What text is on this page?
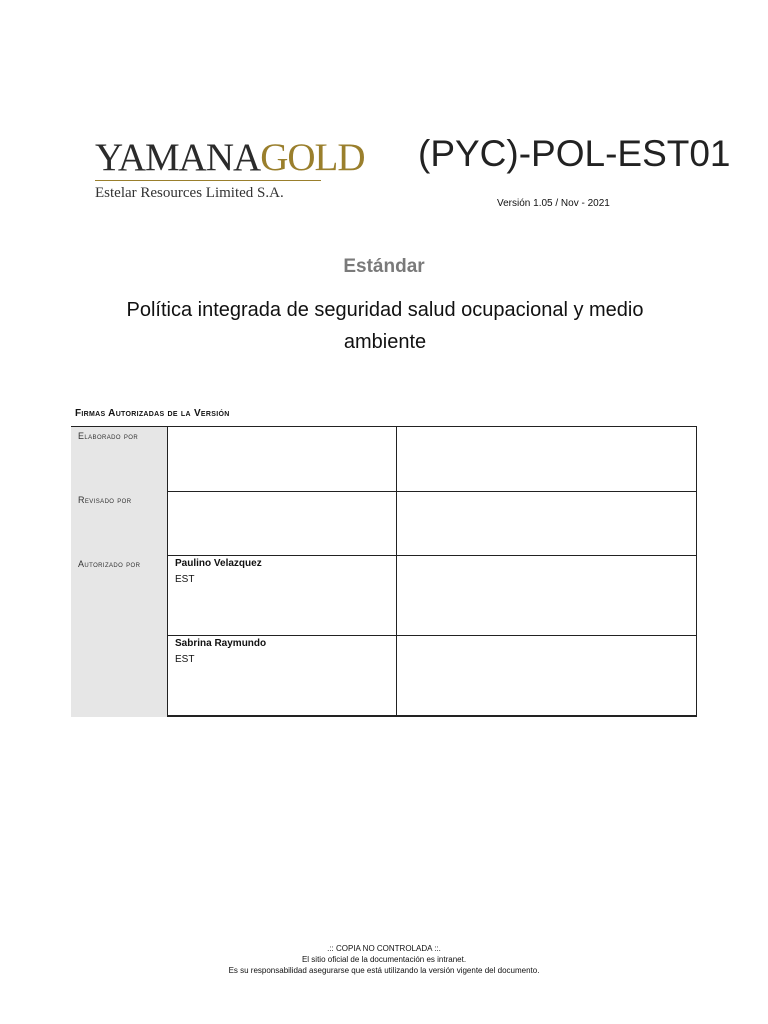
YAMANAGOLD
Estelar Resources Limited S.A.
(PYC)-POL-EST01
Versión 1.05 / Nov - 2021
Estándar
Política integrada de seguridad salud ocupacional y medio ambiente
Firmas Autorizadas de la Versión
Elaborado por
Revisado por
Autorizado por	Paulino Velazquez
EST
Sabrina Raymundo
EST
.:: COPIA NO CONTROLADA ::.
El sitio oficial de la documentación es intranet.
Es su responsabilidad asegurarse que está utilizando la versión vigente del documento.
